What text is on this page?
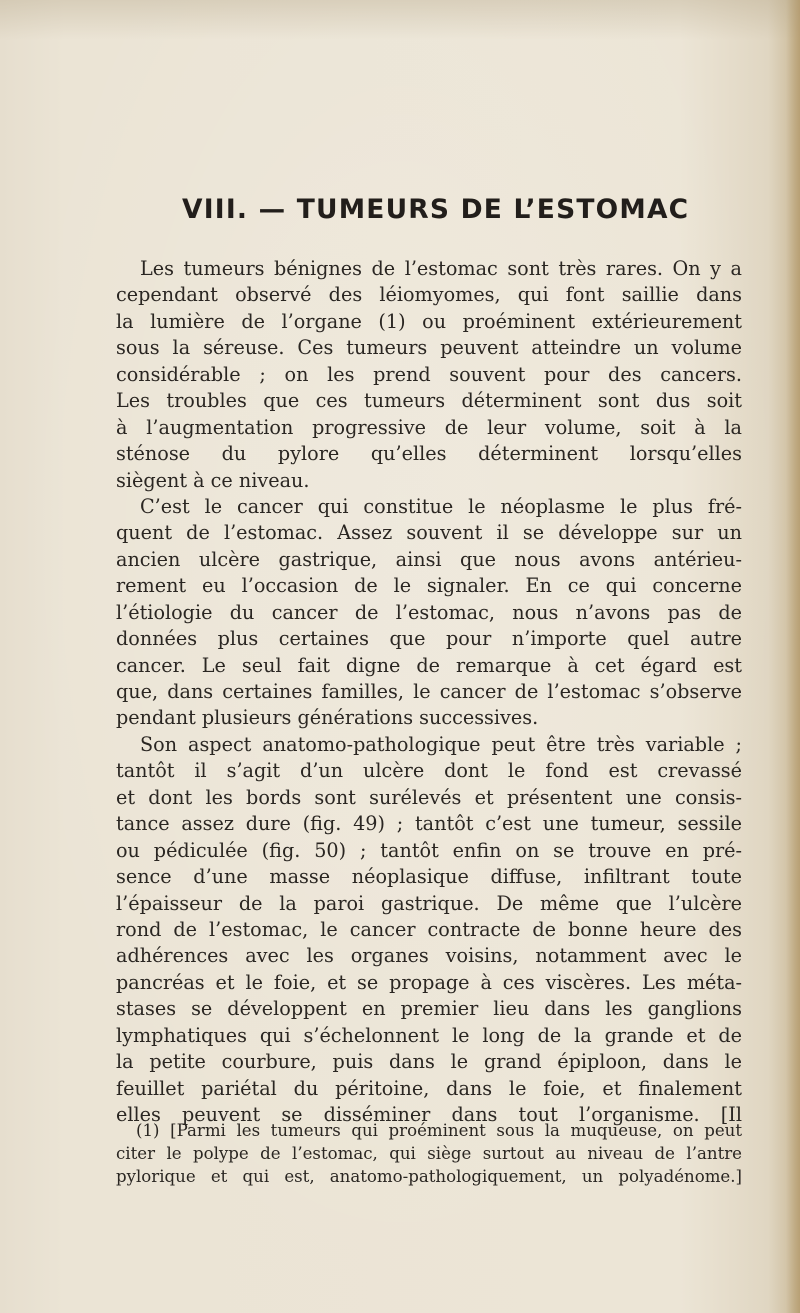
VIII. — TUMEURS DE L’ESTOMAC
Les tumeurs bénignes de l’estomac sont très rares. On y a
cependant observé des léiomyomes, qui font saillie dans
la lumière de l’organe (1) ou proéminent extérieurement
sous la séreuse. Ces tumeurs peuvent atteindre un volume
considérable ; on les prend souvent pour des cancers.
Les troubles que ces tumeurs déterminent sont dus soit
à l’augmentation progressive de leur volume, soit à la
sténose du pylore qu’elles déterminent lorsqu’elles
siègent à ce niveau.
C’est le cancer qui constitue le néoplasme le plus fré-
quent de l’estomac. Assez souvent il se développe sur un
ancien ulcère gastrique, ainsi que nous avons antérieu-
rement eu l’occasion de le signaler. En ce qui concerne
l’étiologie du cancer de l’estomac, nous n’avons pas de
données plus certaines que pour n’importe quel autre
cancer. Le seul fait digne de remarque à cet égard est
que, dans certaines familles, le cancer de l’estomac s’observe
pendant plusieurs générations successives.
Son aspect anatomo-pathologique peut être très variable ;
tantôt il s’agit d’un ulcère dont le fond est crevassé
et dont les bords sont surélevés et présentent une consis-
tance assez dure (fig. 49) ; tantôt c’est une tumeur, sessile
ou pédiculée (fig. 50) ; tantôt enfin on se trouve en pré-
sence d’une masse néoplasique diffuse, infiltrant toute
l’épaisseur de la paroi gastrique. De même que l’ulcère
rond de l’estomac, le cancer contracte de bonne heure des
adhérences avec les organes voisins, notamment avec le
pancréas et le foie, et se propage à ces viscères. Les méta-
stases se développent en premier lieu dans les ganglions
lymphatiques qui s’échelonnent le long de la grande et de
la petite courbure, puis dans le grand épiploon, dans le
feuillet pariétal du péritoine, dans le foie, et finalement
elles peuvent se disséminer dans tout l’organisme. [Il
(1) [Parmi les tumeurs qui proéminent sous la muqueuse, on peut
citer le polype de l’estomac, qui siège surtout au niveau de l’antre
pylorique et qui est, anatomo-pathologiquement, un polyadénome.]
